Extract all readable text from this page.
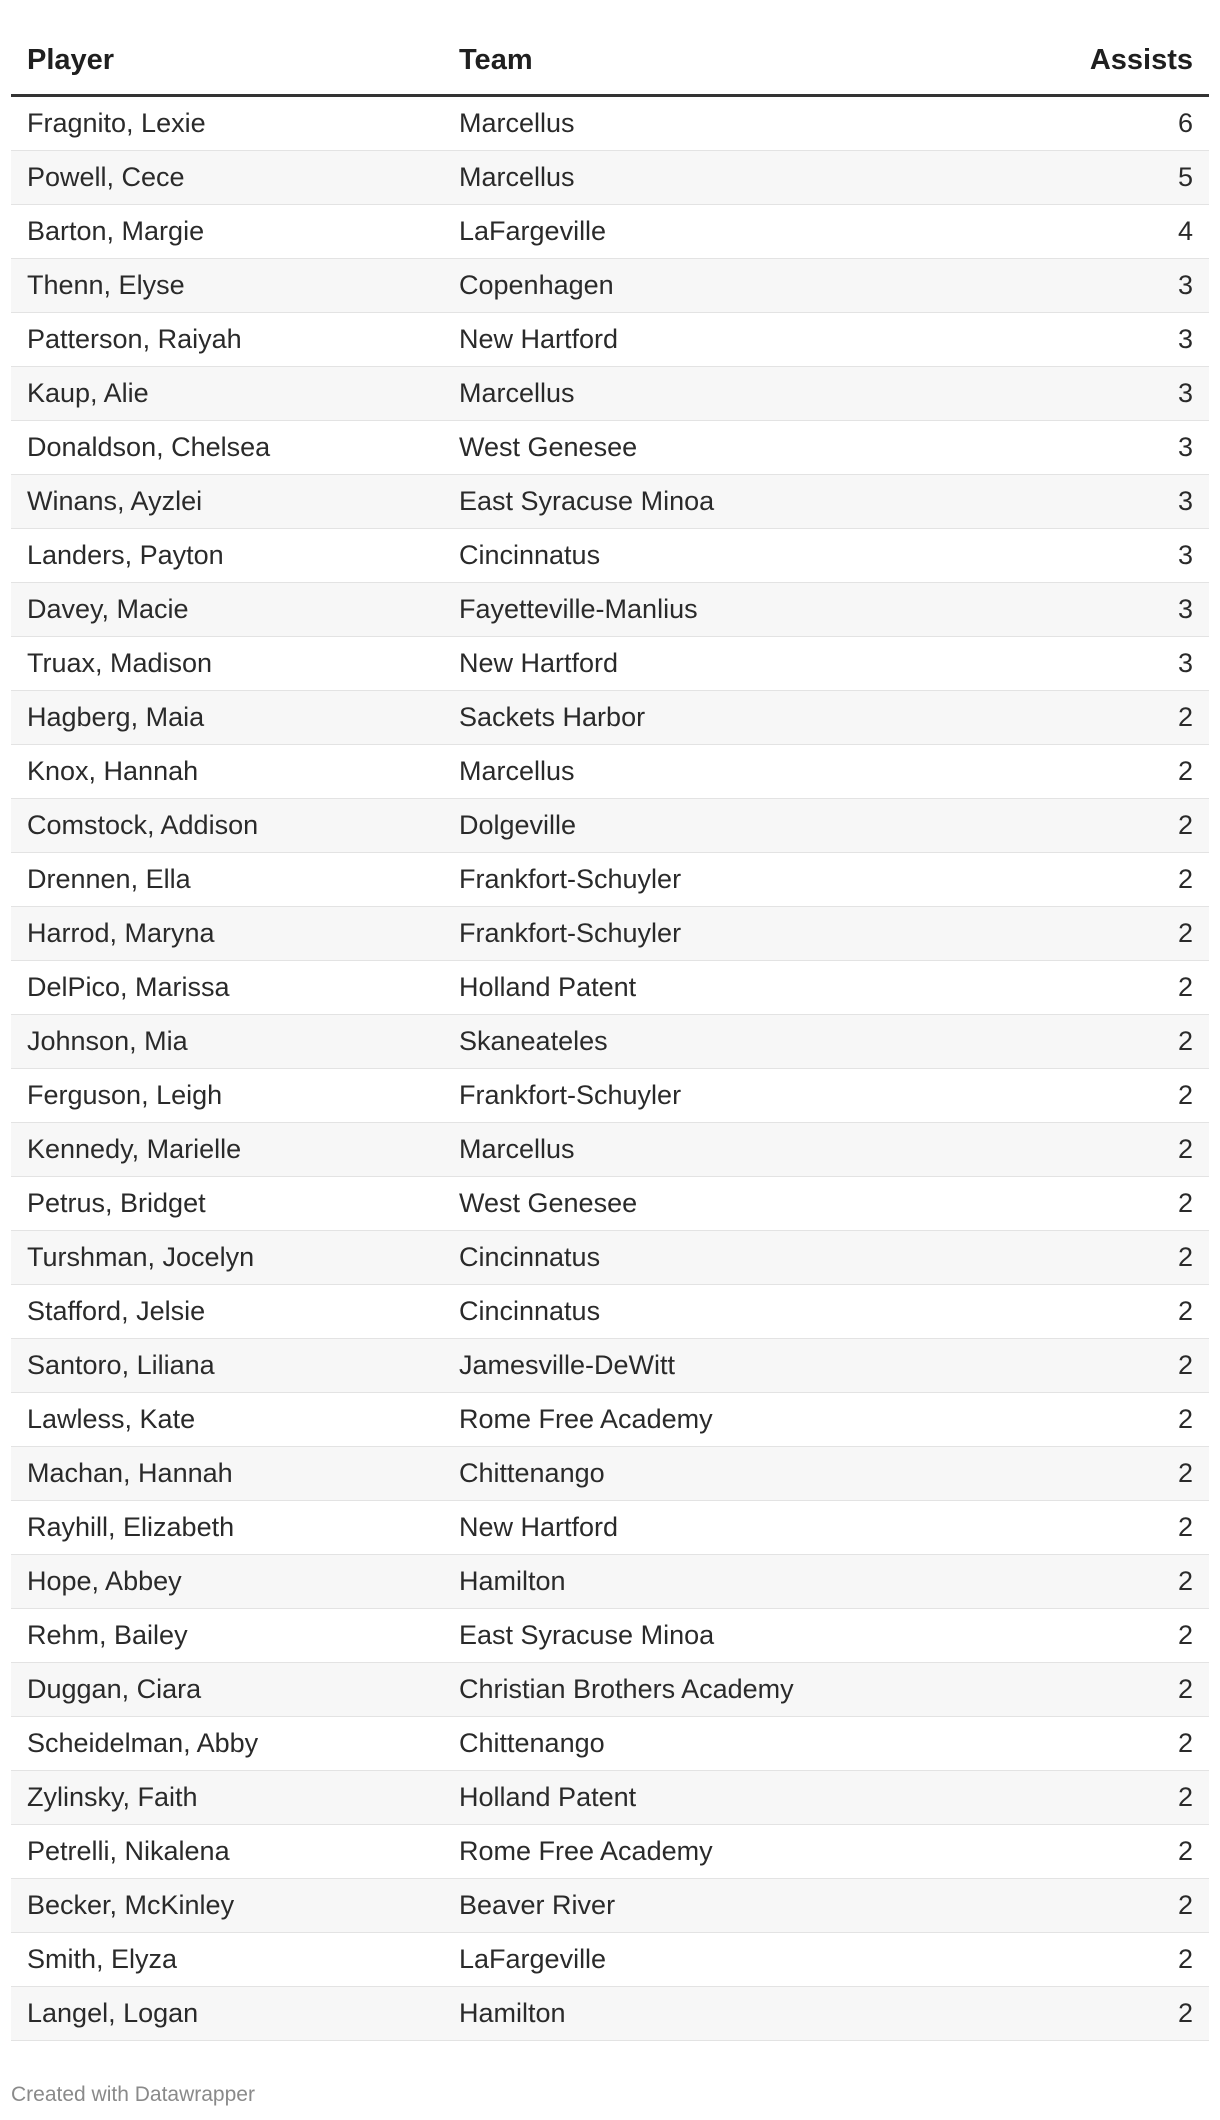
Player	Team	Assists
Fragnito, Lexie	Marcellus	6
Powell, Cece	Marcellus	5
Barton, Margie	LaFargeville	4
Thenn, Elyse	Copenhagen	3
Patterson, Raiyah	New Hartford	3
Kaup, Alie	Marcellus	3
Donaldson, Chelsea	West Genesee	3
Winans, Ayzlei	East Syracuse Minoa	3
Landers, Payton	Cincinnatus	3
Davey, Macie	Fayetteville-Manlius	3
Truax, Madison	New Hartford	3
Hagberg, Maia	Sackets Harbor	2
Knox, Hannah	Marcellus	2
Comstock, Addison	Dolgeville	2
Drennen, Ella	Frankfort-Schuyler	2
Harrod, Maryna	Frankfort-Schuyler	2
DelPico, Marissa	Holland Patent	2
Johnson, Mia	Skaneateles	2
Ferguson, Leigh	Frankfort-Schuyler	2
Kennedy, Marielle	Marcellus	2
Petrus, Bridget	West Genesee	2
Turshman, Jocelyn	Cincinnatus	2
Stafford, Jelsie	Cincinnatus	2
Santoro, Liliana	Jamesville-DeWitt	2
Lawless, Kate	Rome Free Academy	2
Machan, Hannah	Chittenango	2
Rayhill, Elizabeth	New Hartford	2
Hope, Abbey	Hamilton	2
Rehm, Bailey	East Syracuse Minoa	2
Duggan, Ciara	Christian Brothers Academy	2
Scheidelman, Abby	Chittenango	2
Zylinsky, Faith	Holland Patent	2
Petrelli, Nikalena	Rome Free Academy	2
Becker, McKinley	Beaver River	2
Smith, Elyza	LaFargeville	2
Langel, Logan	Hamilton	2
Created with Datawrapper
